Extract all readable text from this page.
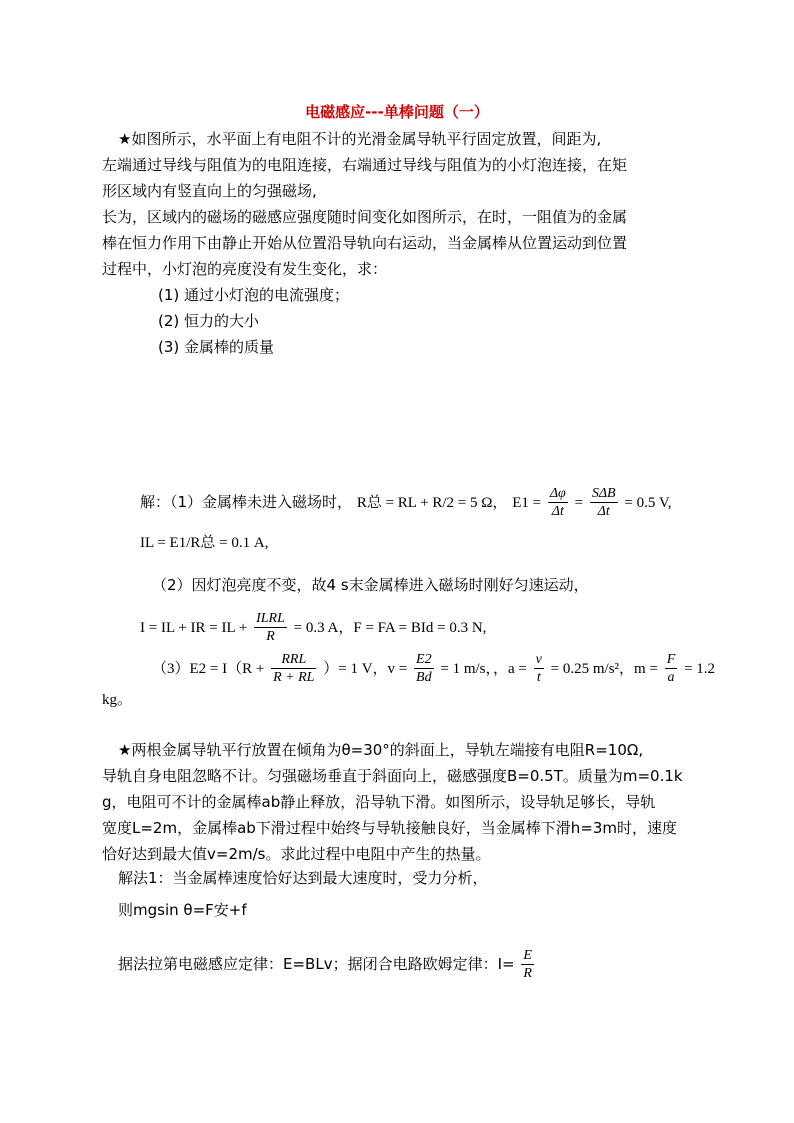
电磁感应---单棒问题（一）
★如图所示，水平面上有电阻不计的光滑金属导轨平行固定放置，间距为,
左端通过导线与阻值为的电阻连接，右端通过导线与阻值为的小灯泡连接，在矩
形区域内有竖直向上的匀强磁场,
长为，区域内的磁场的磁感应强度随时间变化如图所示，在时，一阻值为的金属
棒在恒力作用下由静止开始从位置沿导轨向右运动，当金属棒从位置运动到位置
过程中，小灯泡的亮度没有发生变化，求：
(1) 通过小灯泡的电流强度；
(2) 恒力的大小
(3) 金属棒的质量
解：（1）金属棒未进入磁场时， R总 = RL + R/2 = 5 Ω， $E1 = \frac{\Delta\varphi}{\Delta t} = \frac{\text{SΔB}}{\Delta t} = 0.5$ V,
IL = E1/R总 = 0.1 A,
（2）因灯泡亮度不变，故4 s末金属棒进入磁场时刚好匀速运动，
I = IL + IR = IL + $\frac{\text{ILRL}}{R} = 0.3$ A，F = FA = BId = 0.3 N,
$(3)E2 = I(R + \frac{\text{RRL}}{R + RL}$ ）= 1 V，$v = \frac{E2}{Bd} = 1$ m/s，，$a = \frac{v}{t} = 0.25$ m/s²，$m = \frac{F}{a} = 1.2$
kg。
★两根金属导轨平行放置在倾角为θ=30°的斜面上，导轨左端接有电阻R=10Ω,
导轨自身电阻忽略不计。匀强磁场垂直于斜面向上，磁感强度B=0.5T。质量为m=0.1k
g，电阻可不计的金属棒ab静止释放，沿导轨下滑。如图所示，设导轨足够长，导轨
宽度L=2m，金属棒ab下滑过程中始终与导轨接触良好，当金属棒下滑h=3m时，速度
恰好达到最大值v=2m/s。求此过程中电阻中产生的热量。
解法1：当金属棒速度恰好达到最大速度时，受力分析，
则mgsin θ=F安+f
据法拉第电磁感应定律：E=BLv；据闭合电路欧姆定律：$I= \frac{E}{R}$
